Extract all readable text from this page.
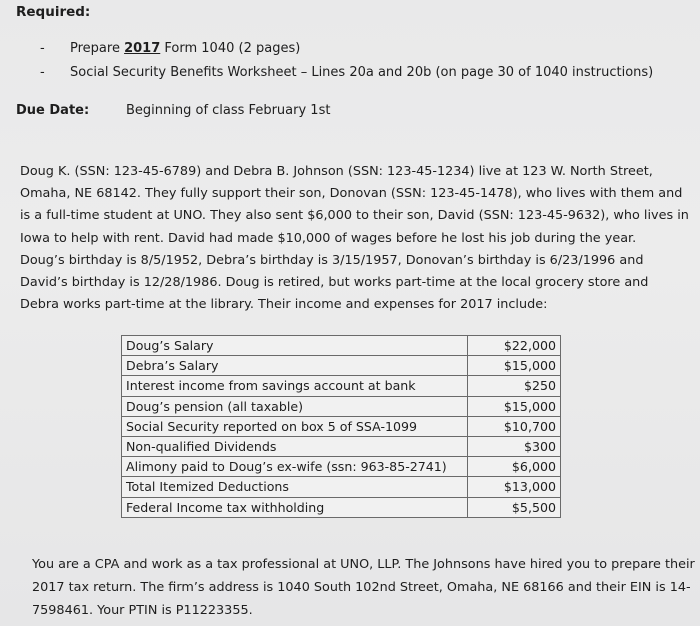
Required:
- Prepare 2017 Form 1040 (2 pages)
- Social Security Benefits Worksheet – Lines 20a and 20b (on page 30 of 1040 instructions)
Due Date:	Beginning of class February 1st
Doug K. (SSN: 123-45-6789) and Debra B. Johnson (SSN: 123-45-1234) live at 123 W. North Street,
Omaha, NE 68142. They fully support their son, Donovan (SSN: 123-45-1478), who lives with them and
is a full-time student at UNO. They also sent $6,000 to their son, David (SSN: 123-45-9632), who lives in
Iowa to help with rent. David had made $10,000 of wages before he lost his job during the year.
Doug’s birthday is 8/5/1952, Debra’s birthday is 3/15/1957, Donovan’s birthday is 6/23/1996 and
David’s birthday is 12/28/1986. Doug is retired, but works part-time at the local grocery store and
Debra works part-time at the library. Their income and expenses for 2017 include:
Doug’s Salary	$22,000
Debra’s Salary	$15,000
Interest income from savings account at bank	$250
Doug’s pension (all taxable)	$15,000
Social Security reported on box 5 of SSA-1099	$10,700
Non-qualified Dividends	$300
Alimony paid to Doug’s ex-wife (ssn: 963-85-2741)	$6,000
Total Itemized Deductions	$13,000
Federal Income tax withholding	$5,500
You are a CPA and work as a tax professional at UNO, LLP. The Johnsons have hired you to prepare their
2017 tax return. The firm’s address is 1040 South 102nd Street, Omaha, NE 68166 and their EIN is 14-
7598461. Your PTIN is P11223355.
